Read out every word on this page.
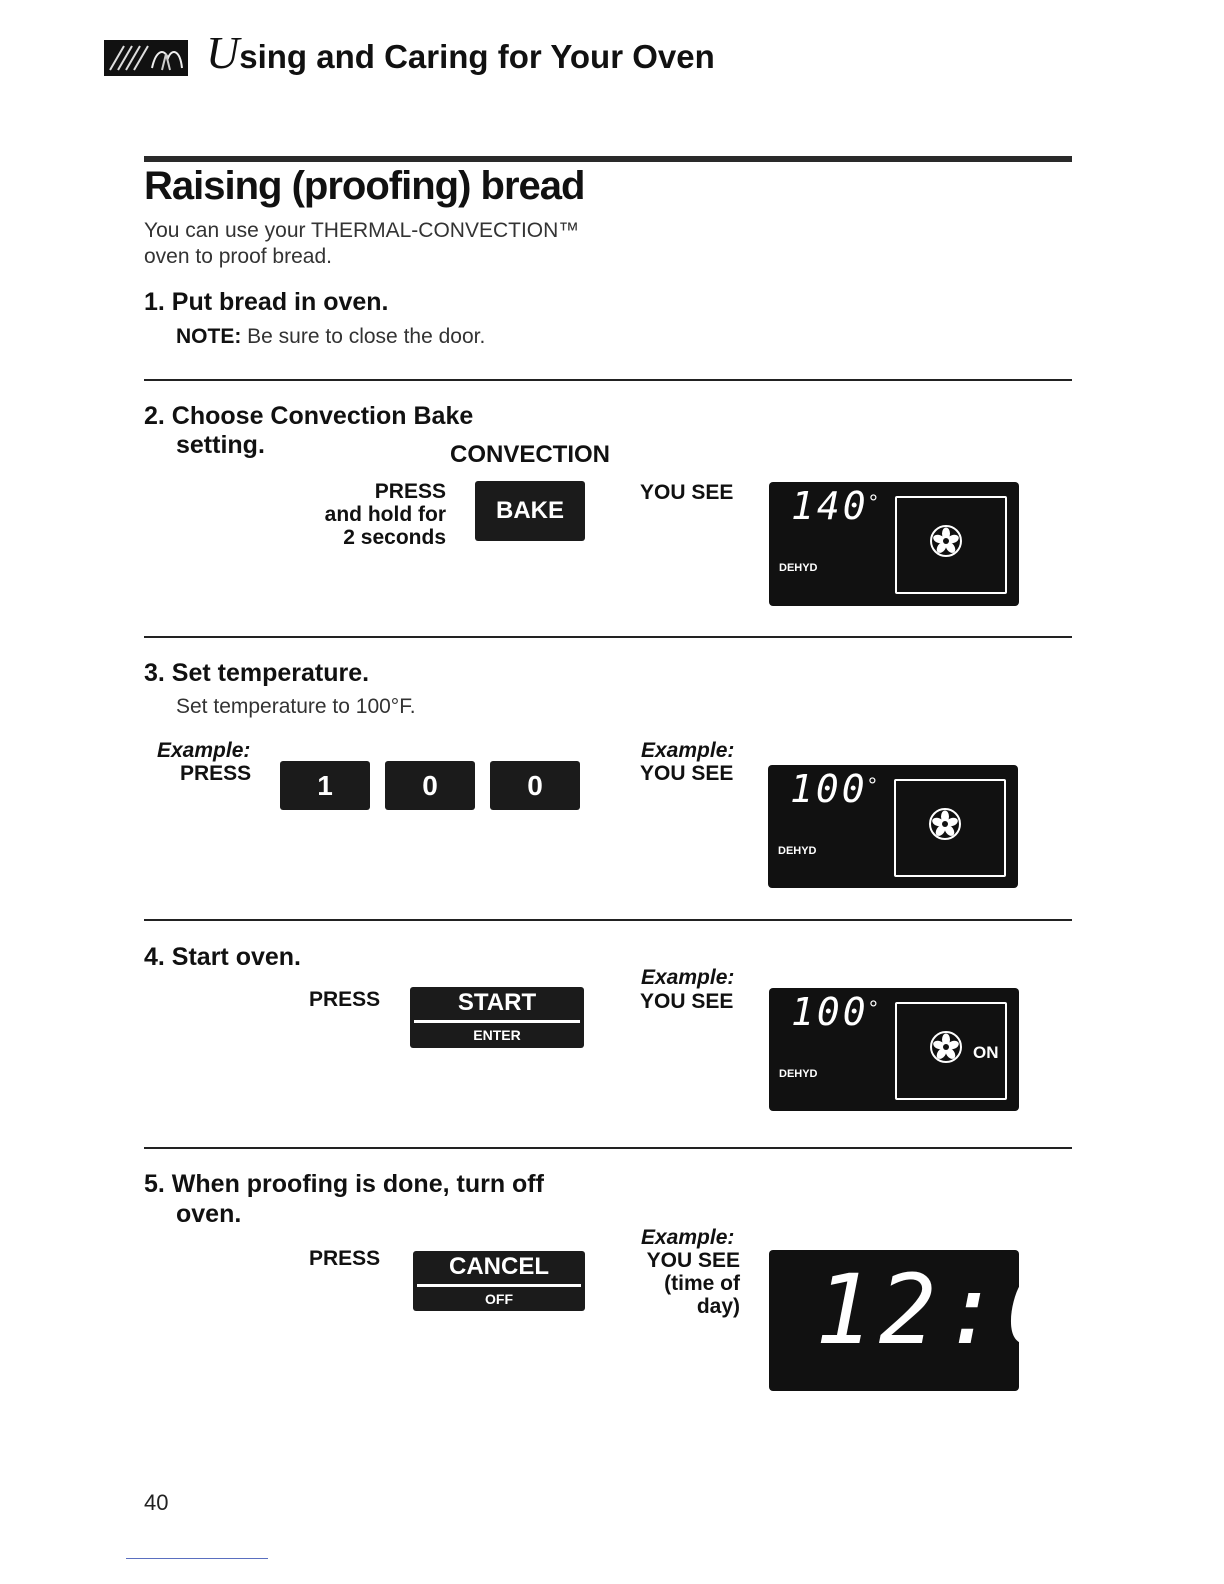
Using and Caring for Your Oven
Raising (proofing) bread
You can use your THERMAL-CONVECTION™
oven to proof bread.
1. Put bread in oven.
NOTE: Be sure to close the door.
2. Choose Convection Bake
setting.	CONVECTION
PRESS
and hold for
2 seconds
BAKE
YOU SEE 140 °
DEHYD
3. Set temperature.
Set temperature to 100°F.
Example:
PRESS	1	0	0
Example:
YOU SEE 100 °
DEHYD
4. Start oven.
PRESS	START
ENTER
Example:
YOU SEE 100 °
DEHYD
ON
5. When proofing is done, turn off
oven.
PRESS	CANCEL
OFF
Example:
YOU SEE
(time of
day) 12:00
40
